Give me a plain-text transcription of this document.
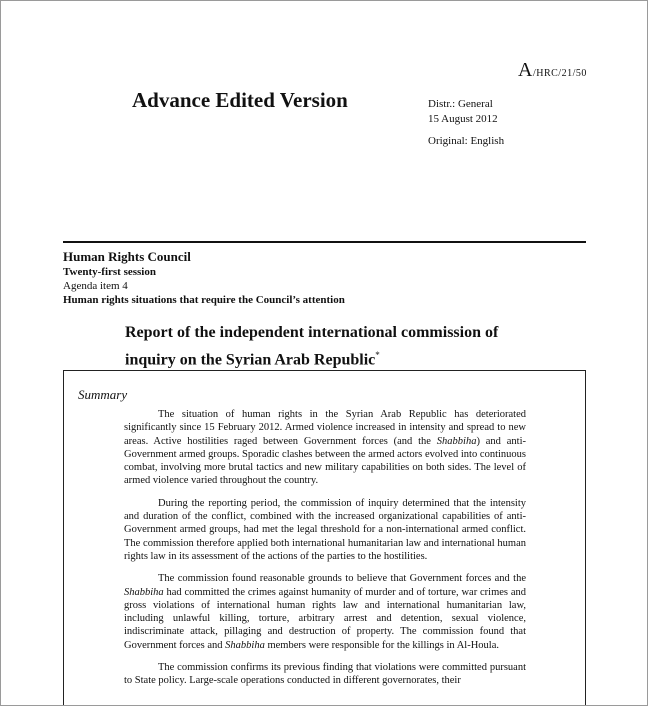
A/HRC/21/50
Advance Edited Version	Distr.: General
15 August 2012
Original: English
Human Rights Council
Twenty-first session
Agenda item 4
Human rights situations that require the Council’s attention
Report of the independent international commission of
inquiry on the Syrian Arab Republic*
Summary

The situation of human rights in the Syrian Arab Republic has deteriorated significantly since 15 February 2012. Armed violence increased in intensity and spread to new areas. Active hostilities raged between Government forces (and the Shabbiha) and anti-Government armed groups. Sporadic clashes between the armed actors evolved into continuous combat, involving more brutal tactics and new military capabilities on both sides. The level of armed violence varied throughout the country.

During the reporting period, the commission of inquiry determined that the intensity and duration of the conflict, combined with the increased organizational capabilities of anti-Government armed groups, had met the legal threshold for a non-international armed conflict. The commission therefore applied both international humanitarian law and international human rights law in its assessment of the actions of the parties to the hostilities.

The commission found reasonable grounds to believe that Government forces and the Shabbiha had committed the crimes against humanity of murder and of torture, war crimes and gross violations of international human rights law and international humanitarian law, including unlawful killing, torture, arbitrary arrest and detention, sexual violence, indiscriminate attack, pillaging and destruction of property. The commission found that Government forces and Shabbiha members were responsible for the killings in Al-Houla.

The commission confirms its previous finding that violations were committed pursuant to State policy. Large-scale operations conducted in different governorates, their
